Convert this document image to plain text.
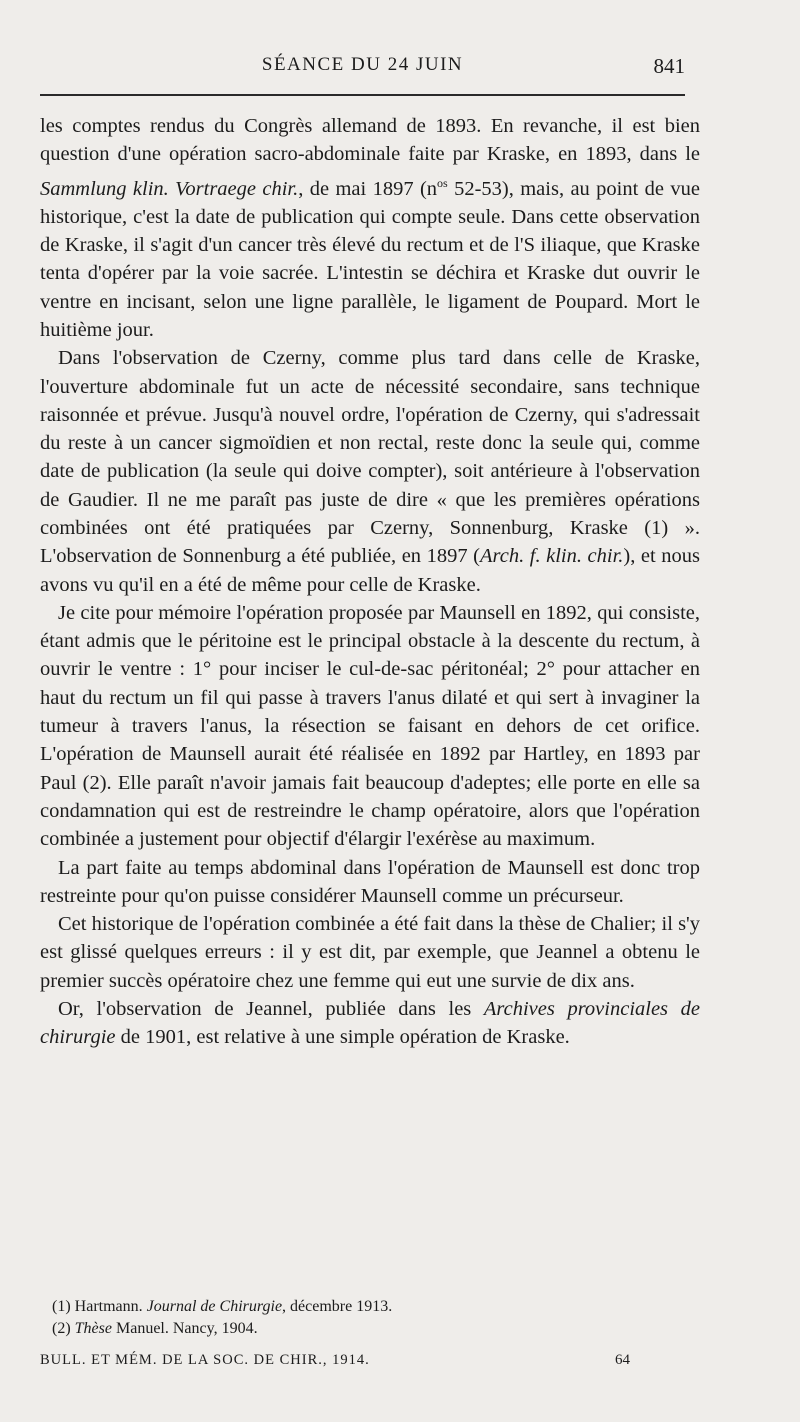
SÉANCE DU 24 JUIN	841

les comptes rendus du Congrès allemand de 1893. En revanche, il est bien question d'une opération sacro-abdominale faite par Kraske, en 1893, dans le Sammlung klin. Vortraege chir., de mai 1897 ($n^{os}$ 52-53), mais, au point de vue historique, c'est la date de publication qui compte seule. Dans cette observation de Kraske, il s'agit d'un cancer très élevé du rectum et de l'S iliaque, que Kraske tenta d'opérer par la voie sacrée. L'intestin se déchira et Kraske dut ouvrir le ventre en incisant, selon une ligne parallèle, le ligament de Poupard. Mort le huitième jour.

Dans l'observation de Czerny, comme plus tard dans celle de Kraske, l'ouverture abdominale fut un acte de nécessité secondaire, sans technique raisonnée et prévue. Jusqu'à nouvel ordre, l'opération de Czerny, qui s'adressait du reste à un cancer sigmoïdien et non rectal, reste donc la seule qui, comme date de publication (la seule qui doive compter), soit antérieure à l'observation de Gaudier. Il ne me paraît pas juste de dire « que les premières opérations combinées ont été pratiquées par Czerny, Sonnenburg, Kraske (1) ». L'observation de Sonnenburg a été publiée, en 1897 (Arch. f. klin. chir.), et nous avons vu qu'il en a été de même pour celle de Kraske.

Je cite pour mémoire l'opération proposée par Maunsell en 1892, qui consiste, étant admis que le péritoine est le principal obstacle à la descente du rectum, à ouvrir le ventre : 1° pour inciser le cul-de-sac péritonéal; 2° pour attacher en haut du rectum un fil qui passe à travers l'anus dilaté et qui sert à invaginer la tumeur à travers l'anus, la résection se faisant en dehors de cet orifice. L'opération de Maunsell aurait été réalisée en 1892 par Hartley, en 1893 par Paul (2). Elle paraît n'avoir jamais fait beaucoup d'adeptes; elle porte en elle sa condamnation qui est de restreindre le champ opératoire, alors que l'opération combinée a justement pour objectif d'élargir l'exérèse au maximum.

La part faite au temps abdominal dans l'opération de Maunsell est donc trop restreinte pour qu'on puisse considérer Maunsell comme un précurseur.

Cet historique de l'opération combinée a été fait dans la thèse de Chalier; il s'y est glissé quelques erreurs : il y est dit, par exemple, que Jeannel a obtenu le premier succès opératoire chez une femme qui eut une survie de dix ans.

Or, l'observation de Jeannel, publiée dans les Archives provinciales de chirurgie de 1901, est relative à une simple opération de Kraske.

(1) Hartmann. Journal de Chirurgie, décembre 1913.

(2) Thèse Manuel. Nancy, 1904.

BULL. ET MÉM. DE LA SOC. DE CHIR., 1914.	64
